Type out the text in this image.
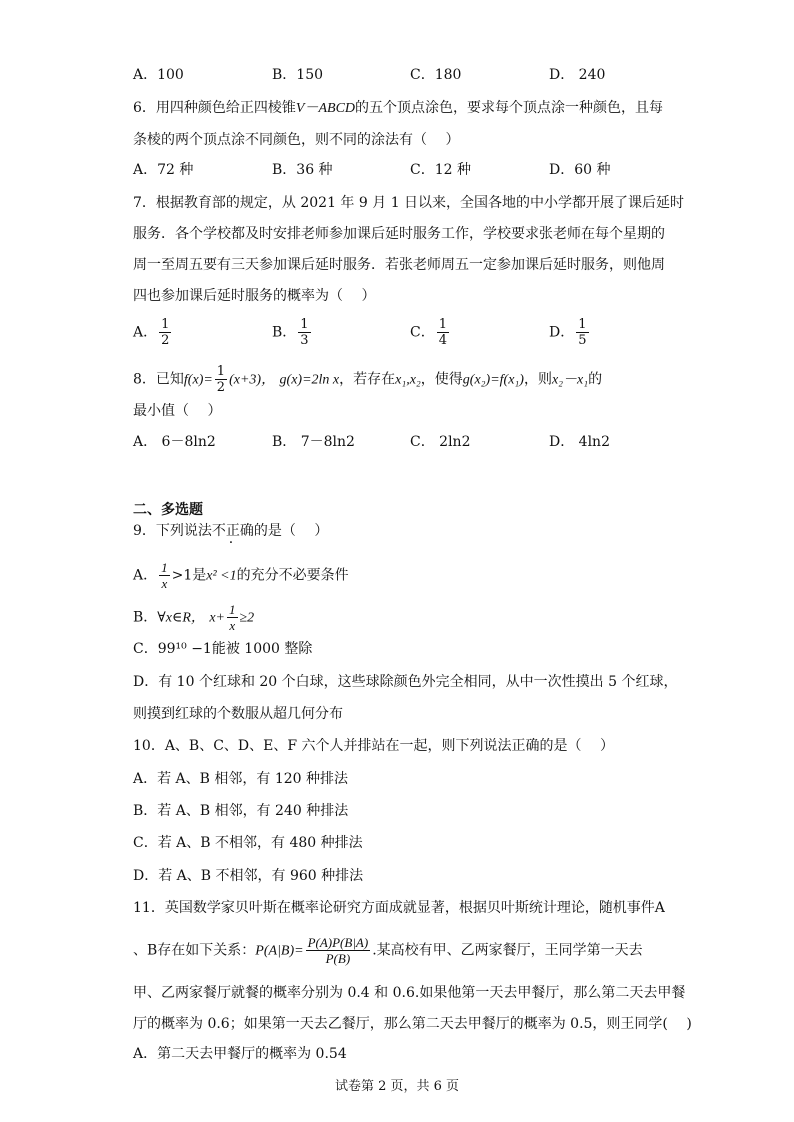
A．100	B．150	C．180	D． 240
6．用四种颜色给正四棱锥V－ABCD的五个顶点涂色，要求每个顶点涂一种颜色，且每
条棱的两个顶点涂不同颜色，则不同的涂法有（　 ）
A．72 种	B．36 种	C．12 种	D．60 种
7．根据教育部的规定，从 2021 年 9 月 1 日以来，全国各地的中小学都开展了课后延时
服务．各个学校都及时安排老师参加课后延时服务工作，学校要求张老师在每个星期的
周一至周五要有三天参加课后延时服务．若张老师周五一定参加课后延时服务，则他周
四也参加课后延时服务的概率为（　 ）
A． $\frac{1}{2}$	B． $\frac{1}{3}$	C． $\frac{1}{4}$	D． $\frac{1}{5}$
8．已知$f(x)= \frac{1}{2} (x+3)$， g(x)=2ln x，若存在x₁,x₂，使得g(x₂)=f(x₁)，则x₂－x₁的
最小值（　 ）
A． 6－8ln2	B． 7－8ln2	C． 2ln2	D． 4ln2
二、多选题
9．下列说法不正确的是（　 ）
A． $\frac{1}{x} >1$是x² <1的充分不必要条件
B．∀x∈R， $x+ \frac{1}{x} \ge 2$
C．99¹⁰ −1能被 1000 整除
D．有 10 个红球和 20 个白球，这些球除颜色外完全相同，从中一次性摸出 5 个红球，
则摸到红球的个数服从超几何分布
10．A、B、C、D、E、F 六个人并排站在一起，则下列说法正确的是（　 ）
A．若 A、B 相邻，有 120 种排法
B．若 A、B 相邻，有 240 种排法
C．若 A、B 不相邻，有 480 种排法
D．若 A、B 不相邻，有 960 种排法
11．英国数学家贝叶斯在概率论研究方面成就显著，根据贝叶斯统计理论，随机事件A
、B存在如下关系：$P(A|B)= \frac{P(A)P(B|A)}{P(B)}$ .某高校有甲、乙两家餐厅，王同学第一天去
甲、乙两家餐厅就餐的概率分别为 0.4 和 0.6.如果他第一天去甲餐厅，那么第二天去甲餐
厅的概率为 0.6；如果第一天去乙餐厅，那么第二天去甲餐厅的概率为 0.5，则王同学(　 )
A．第二天去甲餐厅的概率为 0.54
试卷第 2 页，共 6 页
